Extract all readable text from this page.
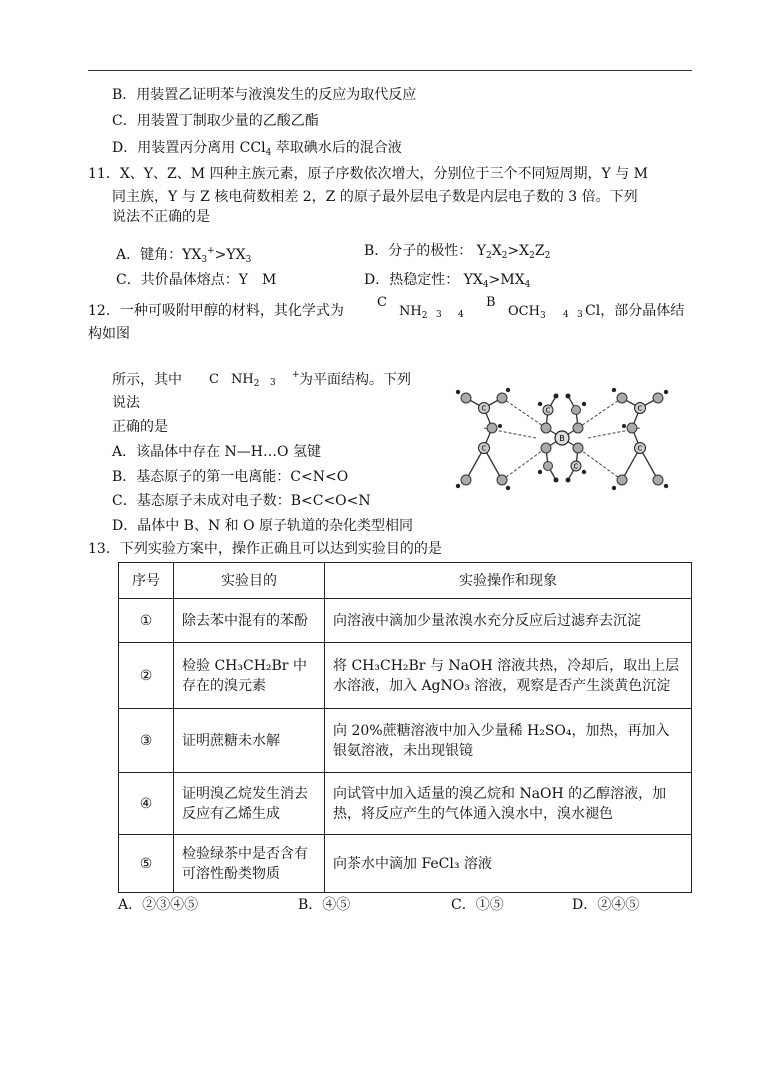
B．用装置乙证明苯与液溴发生的反应为取代反应
C．用装置丁制取少量的乙酸乙酯
D．用装置丙分离用 CCl$_4$ 萃取碘水后的混合液
11．X、Y、Z、M 四种主族元素，原子序数依次增大，分别位于三个不同短周期，Y 与 M
同主族，Y 与 Z 核电荷数相差 2，Z 的原子最外层电子数是内层电子数的 3 倍。下列
说法不正确的是
A．键角：$YX_3^+>YX_3$
B．分子的极性： $Y_2X_2>X_2Z_2$
C．共价晶体熔点：Y　M	D．热稳定性： $YX_4>MX_4$
12．一种可吸附甲醇的材料，其化学式为
C
$NH_2$ 3 4
B
$OCH_3$ 4 3 Cl，部分晶体结
构如图
所示，其中 C $NH_2$ 3
+ 为平面结构。下列
说法
正确的是
A．该晶体中存在 N—H…O 氢键
B．基态原子的第一电离能：C<N<O
C．基态原子未成对电子数：B<C<O<N
D．晶体中 B、N 和 O 原子轨道的杂化类型相同
B
C
C
C
C
C
C
13．下列实验方案中，操作正确且可以达到实验目的的是
序号	实验目的	实验操作和现象
①	除去苯中混有的苯酚	向溶液中滴加少量浓溴水充分反应后过滤弃去沉淀
②	检验 CH₃CH₂Br 中存在的溴元素	将 CH₃CH₂Br 与 NaOH 溶液共热，冷却后，取出上层水溶液，加入 AgNO₃ 溶液，观察是否产生淡黄色沉淀
③	证明蔗糖未水解	向 20%蔗糖溶液中加入少量稀 H₂SO₄，加热，再加入银氨溶液，未出现银镜
④	证明溴乙烷发生消去反应有乙烯生成	向试管中加入适量的溴乙烷和 NaOH 的乙醇溶液，加热，将反应产生的气体通入溴水中，溴水褪色
⑤	检验绿茶中是否含有可溶性酚类物质	向茶水中滴加 FeCl₃ 溶液
A．②③④⑤	B．④⑤	C．①⑤	D．②④⑤
